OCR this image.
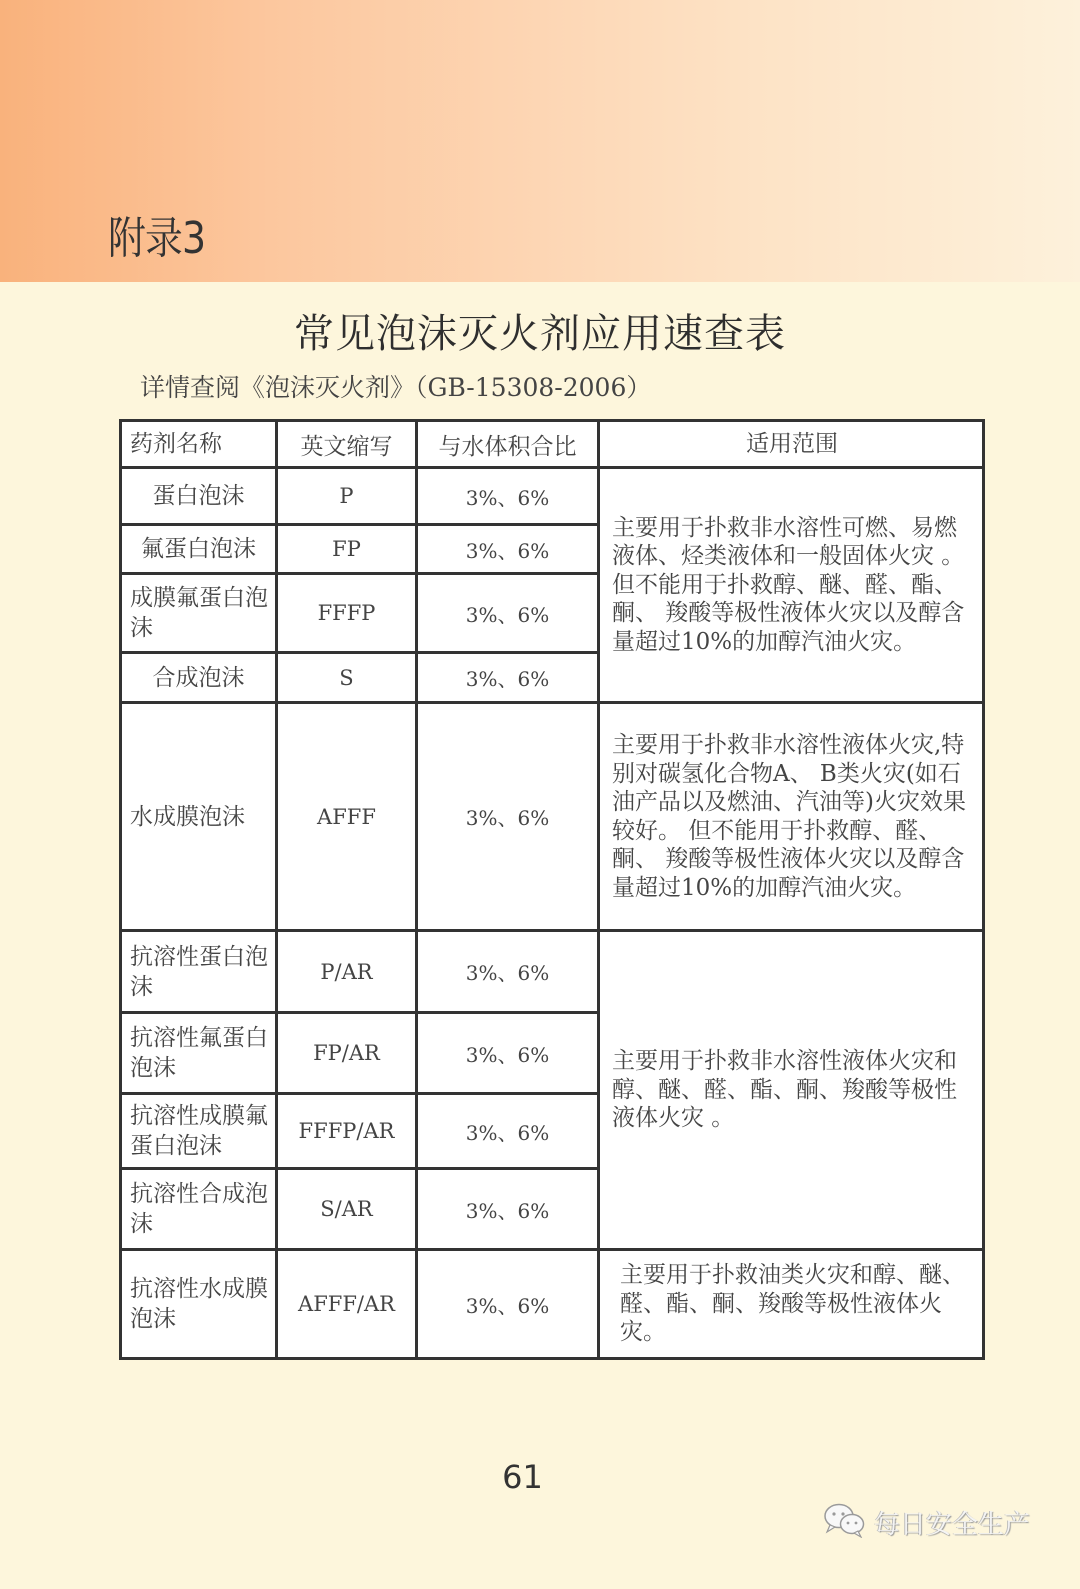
附录3
常见泡沫灭火剂应用速查表
详情查阅《泡沫灭火剂》（GB-15308-2006）
药剂名称	英文缩写	与水体积合比	适用范围
蛋白泡沫	P	3%、6%	主要用于扑救非水溶性可燃、易燃液体、烃类液体和一般固体火灾 。 但不能用于扑救醇、醚、醛、酯、酮、 羧酸等极性液体火灾以及醇含量超过10%的加醇汽油火灾。
氟蛋白泡沫	FP	3%、6%	
成膜氟蛋白泡沫	FFFP	3%、6%	
合成泡沫	S	3%、6%	
水成膜泡沫	AFFF	3%、6%	主要用于扑救非水溶性液体火灾,特别对碳氢化合物A、 B类火灾(如石油产品以及燃油、汽油等)火灾效果较好。 但不能用于扑救醇、醛、酮、 羧酸等极性液体火灾以及醇含量超过10%的加醇汽油火灾。
抗溶性蛋白泡沫	P/AR	3%、6%	主要用于扑救非水溶性液体火灾和醇、醚、醛、酯、酮、羧酸等极性液体火灾 。
抗溶性氟蛋白泡沫	FP/AR	3%、6%	
抗溶性成膜氟蛋白泡沫	FFFP/AR	3%、6%	
抗溶性合成泡沫	S/AR	3%、6%	
抗溶性水成膜泡沫	AFFF/AR	3%、6%	主要用于扑救油类火灾和醇、醚、醛、酯、酮、羧酸等极性液体火灾。
61
每日安全生产
